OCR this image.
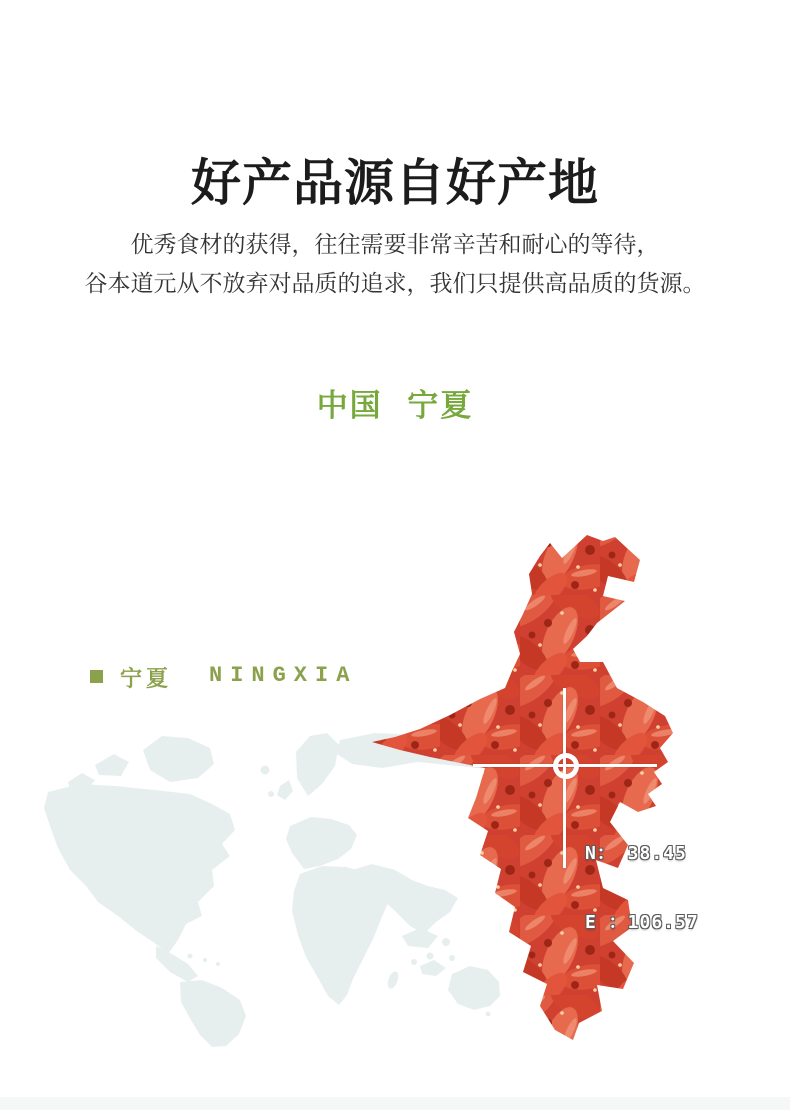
好产品源自好产地

优秀食材的获得，往往需要非常辛苦和耐心的等待，

谷本道元从不放弃对品质的追求，我们只提供高品质的货源。

中国 宁夏
宁夏 NINGXIA

N： 38.45

E ：106.57
